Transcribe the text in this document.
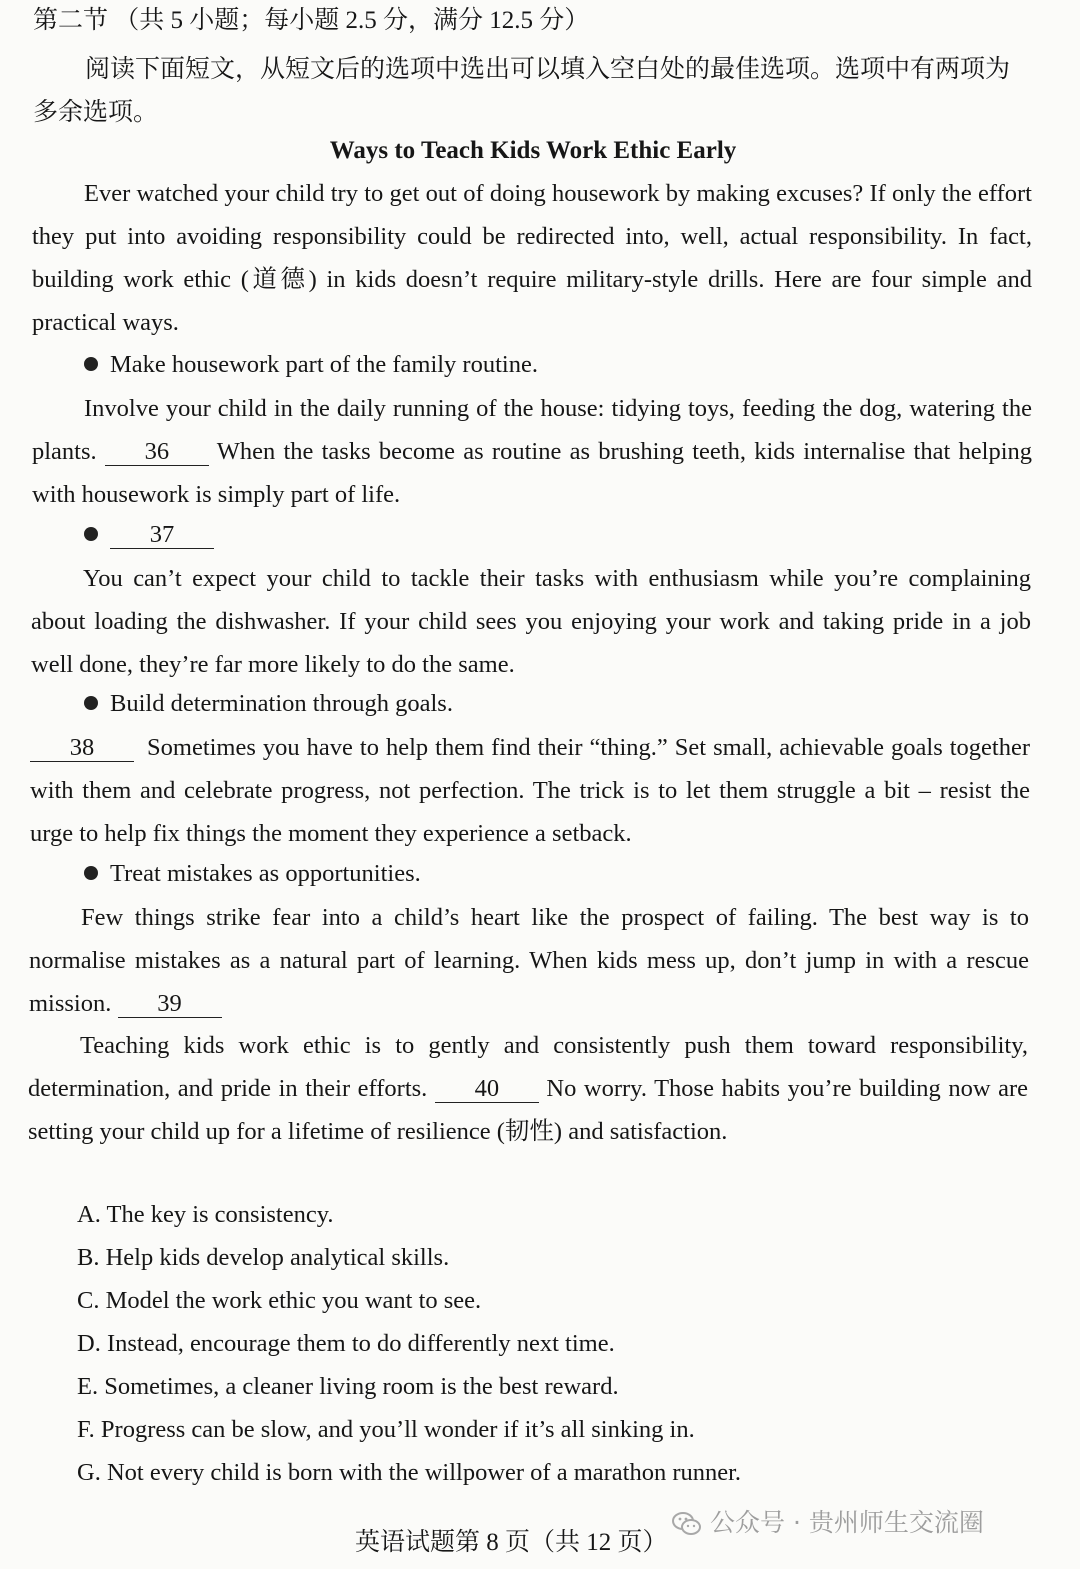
第二节 （共 5 小题；每小题 2.5 分，满分 12.5 分）
阅读下面短文，从短文后的选项中选出可以填入空白处的最佳选项。选项中有两项为多余选项。
Ways to Teach Kids Work Ethic Early
Ever watched your child try to get out of doing housework by making excuses? If only the effort they put into avoiding responsibility could be redirected into, well, actual responsibility. In fact, building work ethic (道德) in kids doesn’t require military-style drills. Here are four simple and practical ways.
Make housework part of the family routine.
Involve your child in the daily running of the house: tidying toys, feeding the dog, watering the plants. 36 When the tasks become as routine as brushing teeth, kids internalise that helping with housework is simply part of life.
37
You can’t expect your child to tackle their tasks with enthusiasm while you’re complaining about loading the dishwasher. If your child sees you enjoying your work and taking pride in a job well done, they’re far more likely to do the same.
Build determination through goals.
38 Sometimes you have to help them find their “thing.” Set small, achievable goals together with them and celebrate progress, not perfection. The trick is to let them struggle a bit – resist the urge to help fix things the moment they experience a setback.
Treat mistakes as opportunities.
Few things strike fear into a child’s heart like the prospect of failing. The best way is to normalise mistakes as a natural part of learning. When kids mess up, don’t jump in with a rescue mission. 39
Teaching kids work ethic is to gently and consistently push them toward responsibility, determination, and pride in their efforts. 40 No worry. Those habits you’re building now are setting your child up for a lifetime of resilience (韧性) and satisfaction.
A. The key is consistency.
B. Help kids develop analytical skills.
C. Model the work ethic you want to see.
D. Instead, encourage them to do differently next time.
E. Sometimes, a cleaner living room is the best reward.
F. Progress can be slow, and you’ll wonder if it’s all sinking in.
G. Not every child is born with the willpower of a marathon runner.
公众号 · 贵州师生交流圈
英语试题第 8 页（共 12 页）
